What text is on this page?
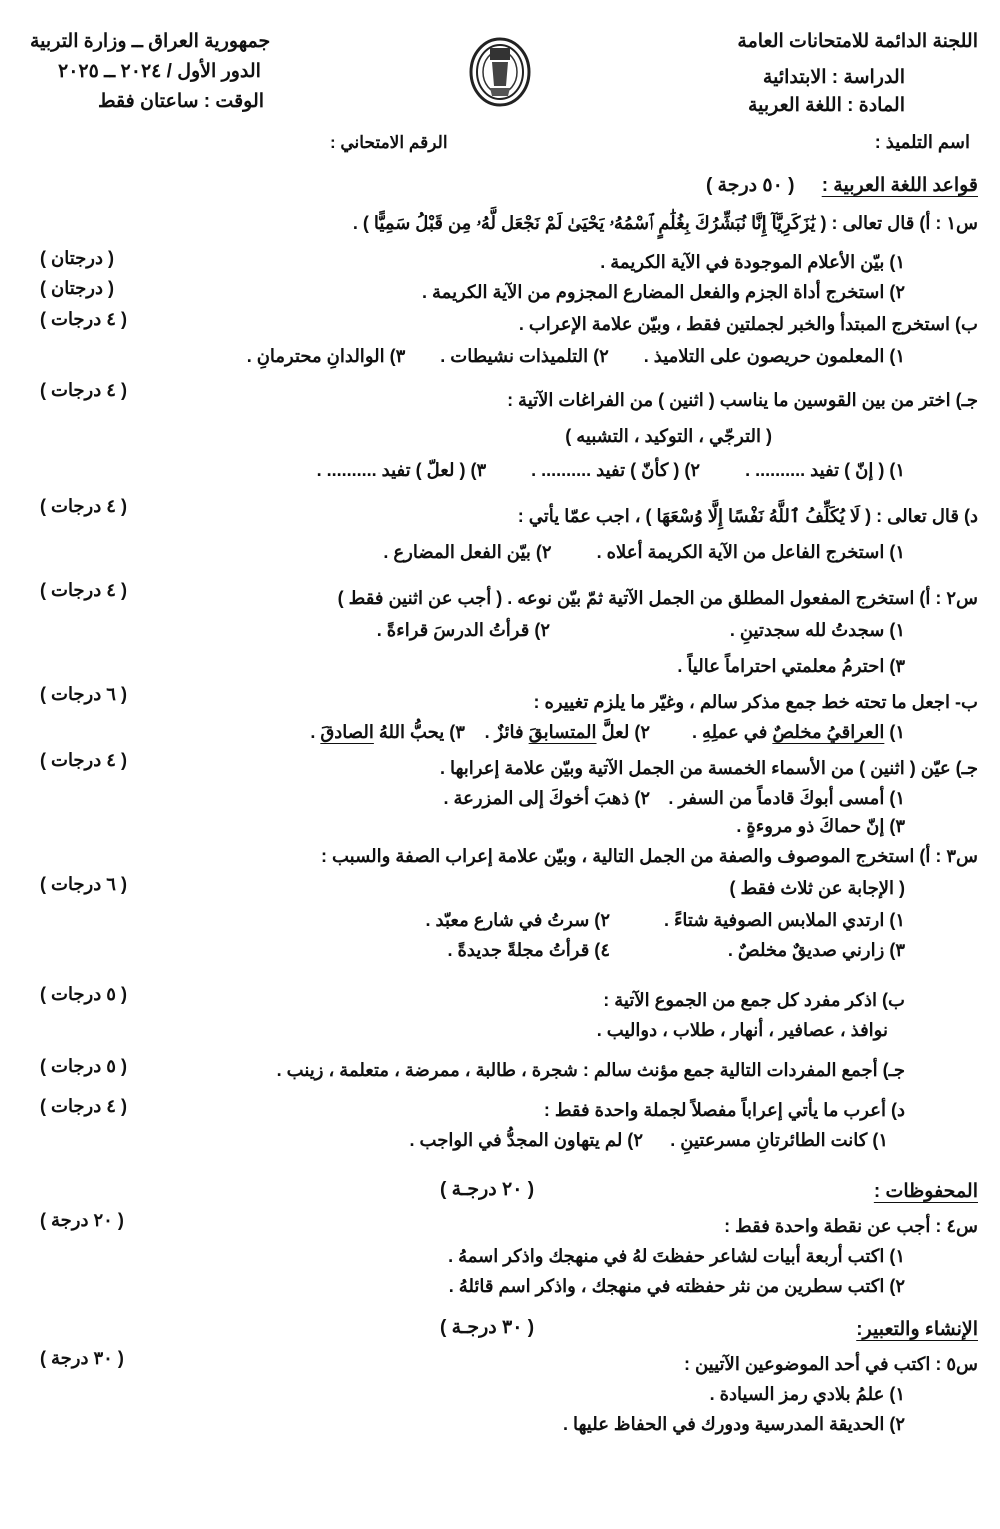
اللجنة الدائمة للامتحانات العامة
الدراسة : الابتدائية
المادة : اللغة العربية
اسم التلميذ :
جمهورية العراق ــ وزارة التربية
الدور الأول / ٢٠٢٤ ــ ٢٠٢٥
الوقت : ساعتان فقط
الرقم الامتحاني :
قواعد اللغة العربية : ( ٥٠ درجة )
س١ : أ) قال تعالى : ( يَٰزَكَرِيَّآ إِنَّا نُبَشِّرُكَ بِغُلَٰمٍ ٱسْمُهُۥ يَحْيَىٰ لَمْ نَجْعَل لَّهُۥ مِن قَبْلُ سَمِيًّا ) .
١) بيّن الأعلام الموجودة في الآية الكريمة .
( درجتان )
٢) استخرج أداة الجزم والفعل المضارع المجزوم من الآية الكريمة .
( درجتان )
ب) استخرج المبتدأ والخبر لجملتين فقط ، وبيّن علامة الإعراب .
( ٤ درجات )
١) المعلمون حريصون على التلاميذ . ٢) التلميذات نشيطات . ٣) الوالدانِ محترمانِ .
جـ) اختر من بين القوسين ما يناسب ( اثنين ) من الفراغات الآتية :
( ٤ درجات )
( الترجّي ، التوكيد ، التشبيه )
١) ( إنّ ) تفيد .......... . ٢) ( كأنّ ) تفيد .......... . ٣) ( لعلّ ) تفيد .......... .
د) قال تعالى : ( لَا يُكَلِّفُ ٱللَّهُ نَفْسًا إِلَّا وُسْعَهَا ) ، اجب عمّا يأتي :
( ٤ درجات )
١) استخرج الفاعل من الآية الكريمة أعلاه . ٢) بيّن الفعل المضارع .
س٢ : أ) استخرج المفعول المطلق من الجمل الآتية ثمّ بيّن نوعه . ( أجب عن اثنين فقط )
( ٤ درجات )
١) سجدتُ لله سجدتينِ . ٢) قرأتُ الدرسَ قراءةً .
٣) احترمُ معلمتي احتراماً عالياً .
ب- اجعل ما تحته خط جمع مذكر سالم ، وغيّر ما يلزم تغييره :
( ٦ درجات )
١) العراقيُ مخلصٌ في عملِهِ . ٢) لعلَّ المتسابقَ فائزٌ . ٣) يحبُّ اللهُ الصادقَ .
جـ) عيّن ( اثنين ) من الأسماء الخمسة من الجمل الآتية وبيّن علامة إعرابها .
( ٤ درجات )
١) أمسى أبوكَ قادماً من السفر . ٢) ذهبَ أخوكَ إلى المزرعة .
٣) إنّ حماكَ ذو مروءةٍ .
س٣ : أ) استخرج الموصوف والصفة من الجمل التالية ، وبيّن علامة إعراب الصفة والسبب :
( الإجابة عن ثلاث فقط )
( ٦ درجات )
١) ارتدي الملابس الصوفية شتاءً . ٢) سرتُ في شارع معبّد .
٣) زارني صديقٌ مخلصٌ . ٤) قرأتُ مجلةً جديدةً .
ب) اذكر مفرد كل جمع من الجموع الآتية :
( ٥ درجات )
نوافذ ، عصافير ، أنهار ، طلاب ، دواليب .
جـ) أجمع المفردات التالية جمع مؤنث سالم : شجرة ، طالبة ، ممرضة ، متعلمة ، زينب .
( ٥ درجات )
د) أعرب ما يأتي إعراباً مفصلاً لجملة واحدة فقط :
( ٤ درجات )
١) كانت الطائرتانِ مسرعتينِ . ٢) لم يتهاون المجدُّ في الواجب .
المحفوظات :
( ٢٠ درجـة )
س٤ : أجب عن نقطة واحدة فقط :
( ٢٠ درجة )
١) اكتب أربعة أبيات لشاعر حفظتَ لهُ في منهجك واذكر اسمهُ .
٢) اكتب سطرين من نثر حفظته في منهجك ، واذكر اسم قائلهُ .
الإنشاء والتعبير:
( ٣٠ درجـة )
س٥ : اكتب في أحد الموضوعين الآتيين :
( ٣٠ درجة )
١) علمُ بلادي رمز السيادة .
٢) الحديقة المدرسية ودورك في الحفاظ عليها .
